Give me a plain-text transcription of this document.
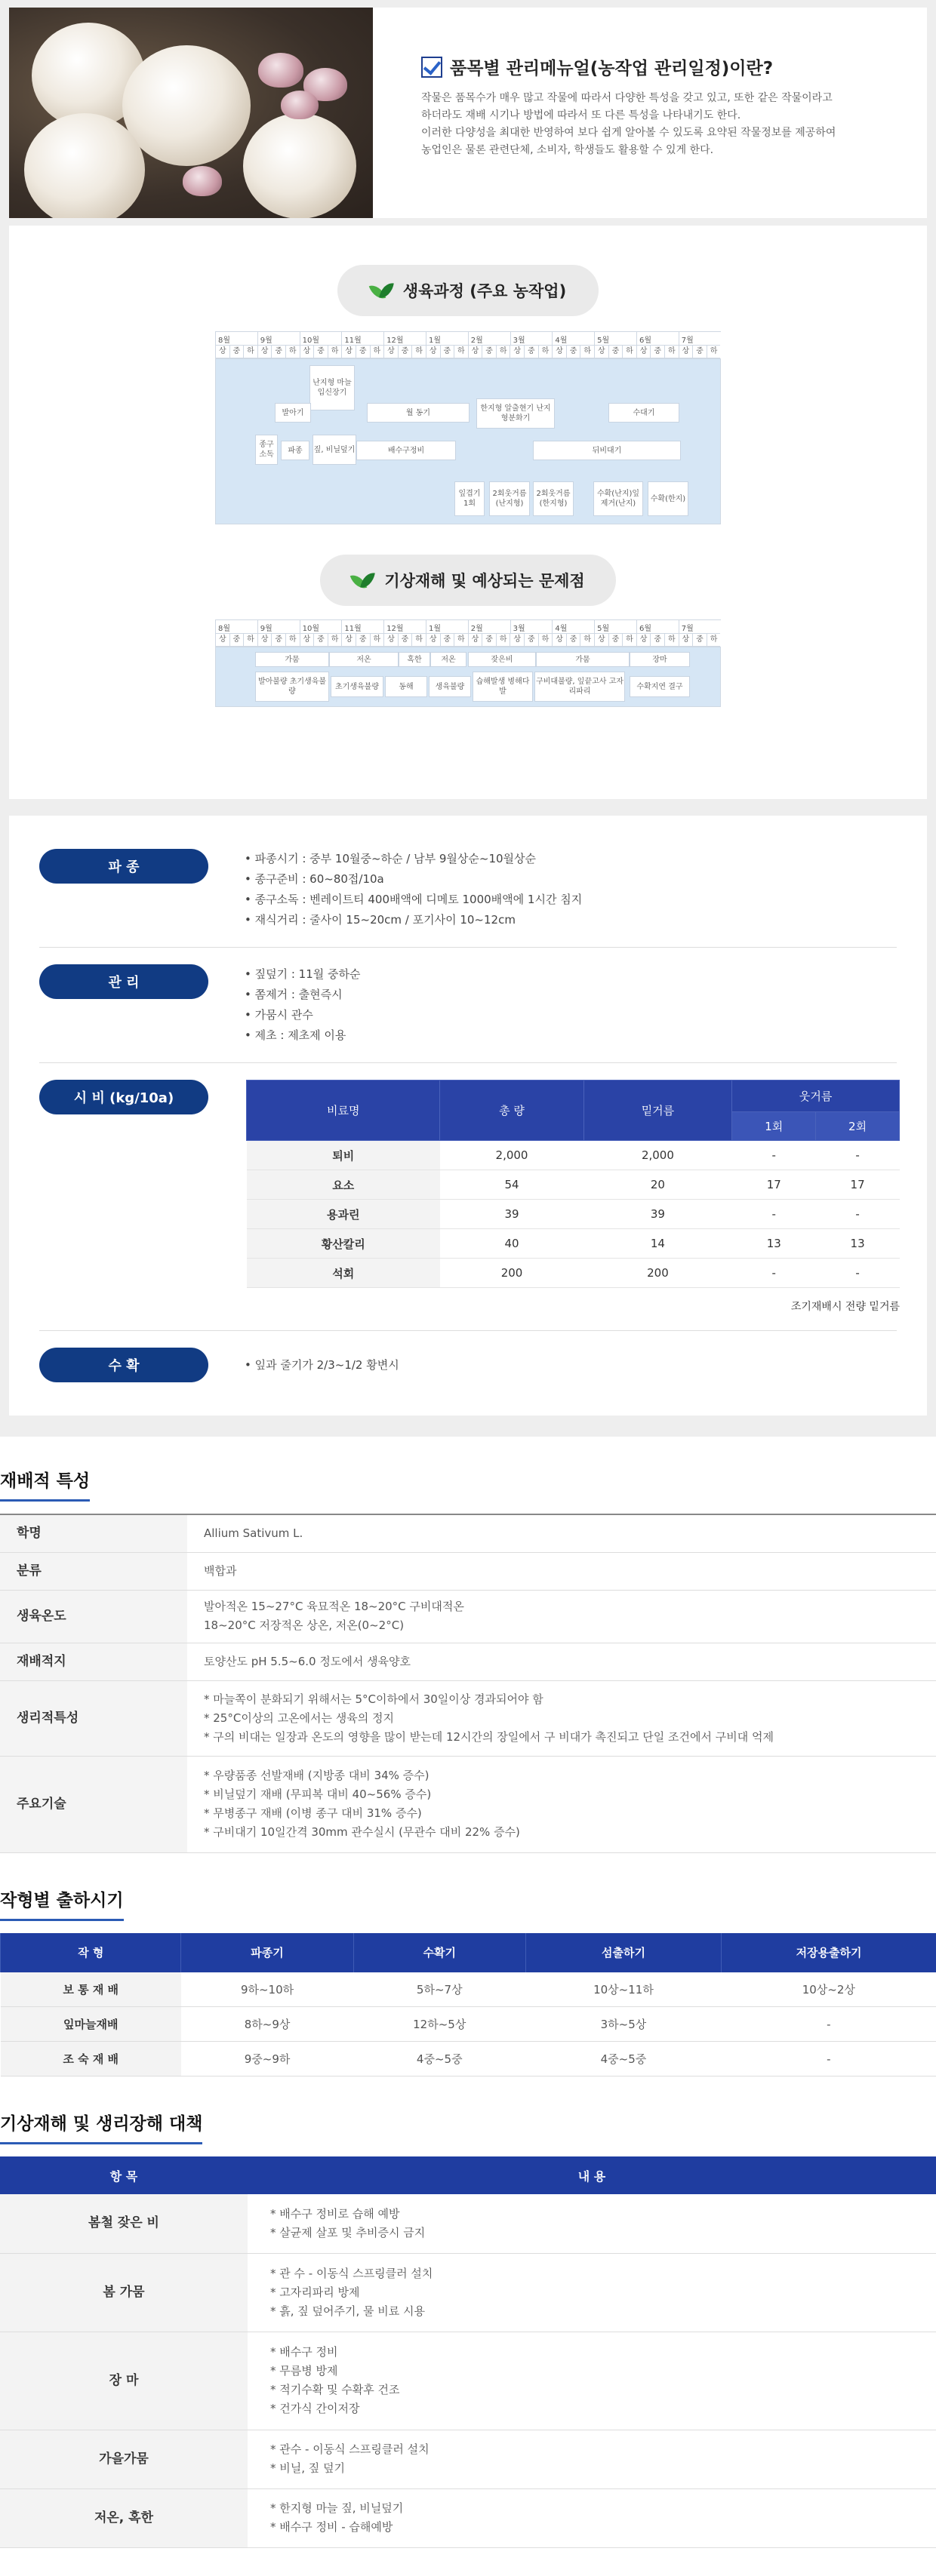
품목별 관리메뉴얼(농작업 관리일정)이란?

작물은 품목수가 매우 많고 작물에 따라서 다양한 특성을 갖고 있고, 또한 같은 작물이라고
하더라도 재배 시기나 방법에 따라서 또 다른 특성을 나타내기도 한다.
이러한 다양성을 최대한 반영하여 보다 쉽게 알아볼 수 있도록 요약된 작물정보를 제공하여
농업인은 물론 관련단체, 소비자, 학생들도 활용할 수 있게 한다.

생육과정 (주요 농작업)
8월	9월	10월	11월	12월	1월	2월	3월	4월	5월	6월	7월
상 중 하 상 중 하 상 중 하 상 중 하 상 중 하 상 중 하 상 중 하 상 중 하 상 중 하 상 중 하 상 중 하 상 중 하
난지형 마늘 입신장기
발아기	월 동기	한지형 알출현기 난지형분화기
수대기
종구소독	파종	짚, 비닐덮기	배수구정비	뒤비대기
잎겹기 1회
2회웃거름(난지형)
2회웃거름(한지형)
수확(난지)잎제거(난지)
수확(한지)
기상재해 및 예상되는 문제점
8월	9월	10월	11월	12월	1월	2월	3월	4월	5월	6월	7월
상 중 하 상 중 하 상 중 하 상 중 하 상 중 하 상 중 하 상 중 하 상 중 하 상 중 하 상 중 하 상 중 하 상 중 하
가뭄	저온	혹한	저온	잦은비	가뭄	장마
발아불량 초기생육불량
초기생육불량	동해	생육불량
습해발생 병해다발
구비대불량, 잎끝고사 고자리파리
수확지연 결구
파 종
• 파종시기 : 중부 10월중~하순 / 남부 9월상순~10월상순
• 종구준비 : 60~80접/10a
• 종구소독 : 벤레이트티 400배액에 디메토 1000배액에 1시간 침지
• 재식거리 : 줄사이 15~20cm / 포기사이 10~12cm
관 리
• 짚덮기 : 11월 중하순
• 쫌제거 : 출현즉시
• 가뭄시 관수
• 제초 : 제초제 이용
시 비 (kg/10a)
비료명	총 량	밑거름	웃거름	
			1회	2회
퇴비	2,000	2,000	-	-
요소	54	20	17	17
용과린	39	39	-	-
황산칼리	40	14	13	13
석회	200	200	-	-
조기재배시 전량 밑거름
수 확	• 잎과 줄기가 2/3~1/2 황변시
재배적 특성
학명	Allium Sativum L.
분류	백합과
생육온도	발아적온 15~27°C 육묘적온 18~20°C 구비대적온
18~20°C 저장적온 상온, 저온(0~2°C)

재배적지	토양산도 pH 5.5~6.0 정도에서 생육양호
생리적특성	* 마늘쪽이 분화되기 위해서는 5°C이하에서 30일이상 경과되어야 함
* 25°C이상의 고온에서는 생육의 정지
* 구의 비대는 일장과 온도의 영향을 많이 받는데 12시간의 장일에서 구 비대가 촉진되고 단일 조건에서 구비대 억제

주요기술	* 우량품종 선발재배 (지방종 대비 34% 증수)
* 비닐덮기 재배 (무피복 대비 40~56% 증수)
* 무병종구 재배 (이병 종구 대비 31% 증수)
* 구비대기 10일간격 30mm 관수실시 (무관수 대비 22% 증수)
작형별 출하시기
작 형	파종기	수확기	섬출하기	저장용출하기
보 통 재 배	9하~10하	5하~7상	10상~11하	10상~2상
잎마늘재배	8하~9상	12하~5상	3하~5상	-
조 숙 재 배	9중~9하	4중~5중	4중~5중	-
기상재해 및 생리장해 대책
항 목	내 용
봄철 잦은 비	* 배수구 정비로 습해 예방
* 살균제 살포 및 추비증시 금지

봄 가뭄	* 관 수 - 이동식 스프링클러 설치
* 고자리파리 방제
* 흙, 짚 덮어주기, 물 비료 시용

장 마	* 배수구 정비
* 무름병 방제
* 적기수확 및 수확후 건조
* 건가식 간이저장

가을가뭄	* 관수 - 이동식 스프링클러 설치
* 비닐, 짚 덮기

저온, 혹한	* 한지형 마늘 짚, 비닐덮기
* 배수구 정비 - 습해예방
